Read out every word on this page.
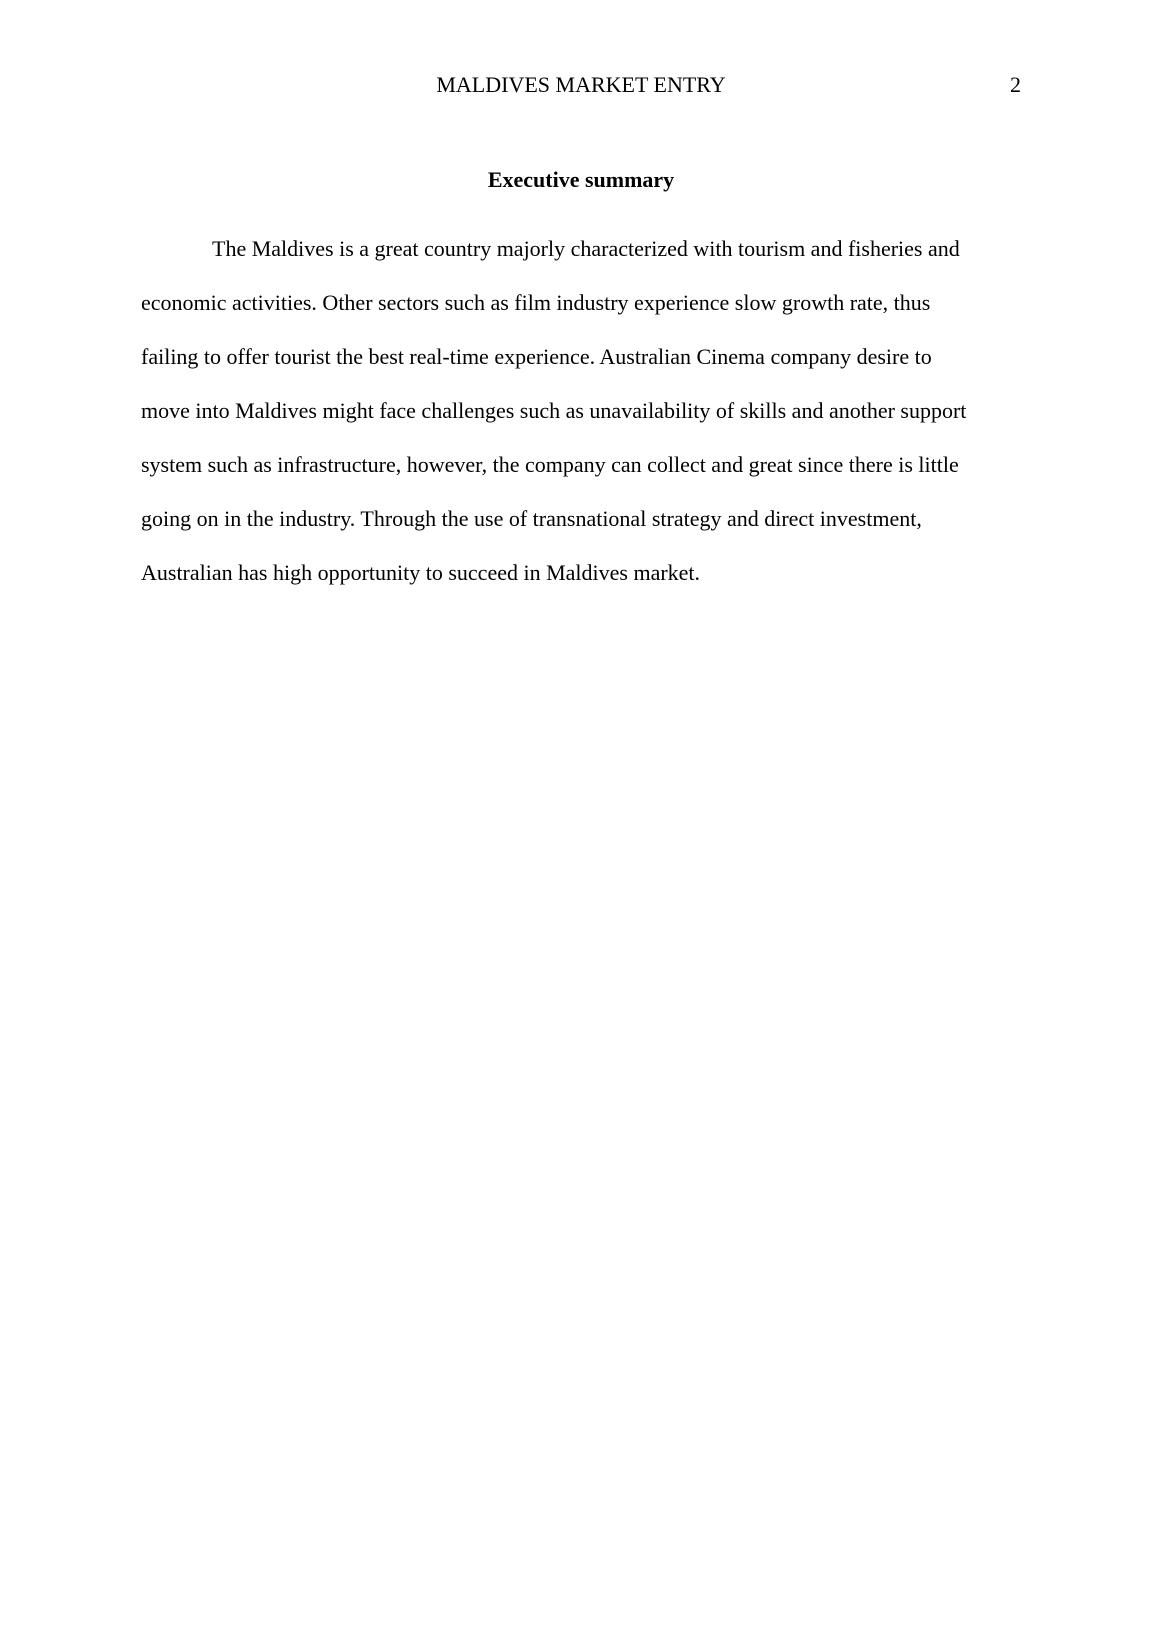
MALDIVES MARKET ENTRY	2
Executive summary

The Maldives is a great country majorly characterized with tourism and fisheries and
economic activities. Other sectors such as film industry experience slow growth rate, thus
failing to offer tourist the best real-time experience. Australian Cinema company desire to
move into Maldives might face challenges such as unavailability of skills and another support
system such as infrastructure, however, the company can collect and great since there is little
going on in the industry. Through the use of transnational strategy and direct investment,
Australian has high opportunity to succeed in Maldives market.
